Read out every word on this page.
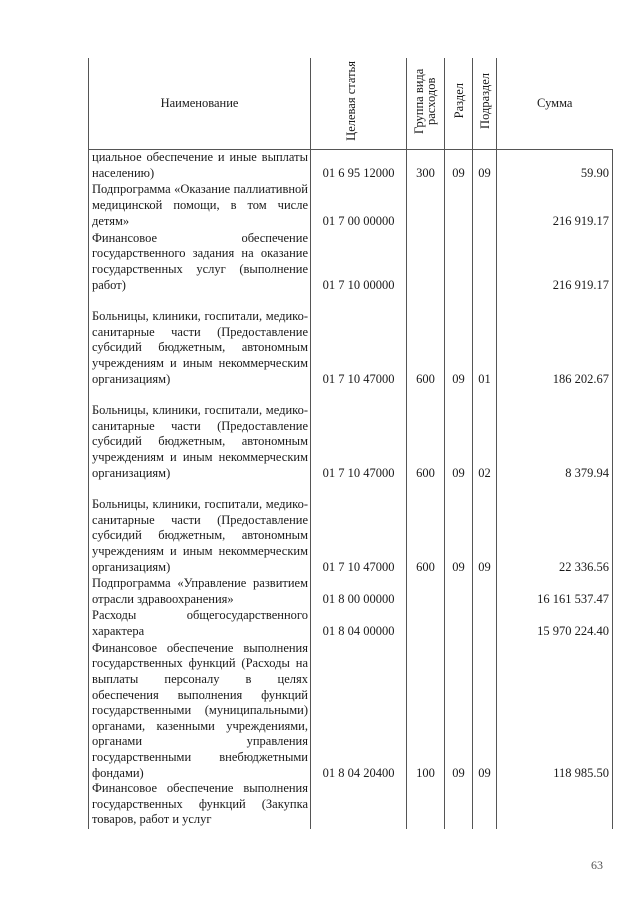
Наименование	Целевая статья	Группа вида расходов	Раздел	Подраздел	Сумма
циальное обеспечение и иные выплаты населению)	01 6 95 12000	300	09	09	59.90
Подпрограмма «Оказание паллиативной медицинской помощи, в том числе детям»	01 7 00 00000				216 919.17
Финансовое обеспечение государственного задания на оказание государственных услуг (выполнение работ)	01 7 10 00000				216 919.17
Больницы, клиники, госпитали, медико-санитарные части (Предоставление субсидий бюджетным, автономным учреждениям и иным некоммерческим организациям)	01 7 10 47000	600	09	01	186 202.67
Больницы, клиники, госпитали, медико-санитарные части (Предоставление субсидий бюджетным, автономным учреждениям и иным некоммерческим организациям)	01 7 10 47000	600	09	02	8 379.94
Больницы, клиники, госпитали, медико-санитарные части (Предоставление субсидий бюджетным, автономным учреждениям и иным некоммерческим организациям)	01 7 10 47000	600	09	09	22 336.56
Подпрограмма «Управление развитием отрасли здравоохранения»	01 8 00 00000				16 161 537.47
Расходы общегосударственного характера	01 8 04 00000				15 970 224.40
Финансовое обеспечение выполнения государственных функций (Расходы на выплаты персоналу в целях обеспечения выполнения функций государственными (муниципальными) органами, казенными учреждениями, органами управления государственными внебюджетными фондами)	01 8 04 20400	100	09	09	118 985.50
Финансовое обеспечение выполнения государственных функций (Закупка товаров, работ и услуг					
63
